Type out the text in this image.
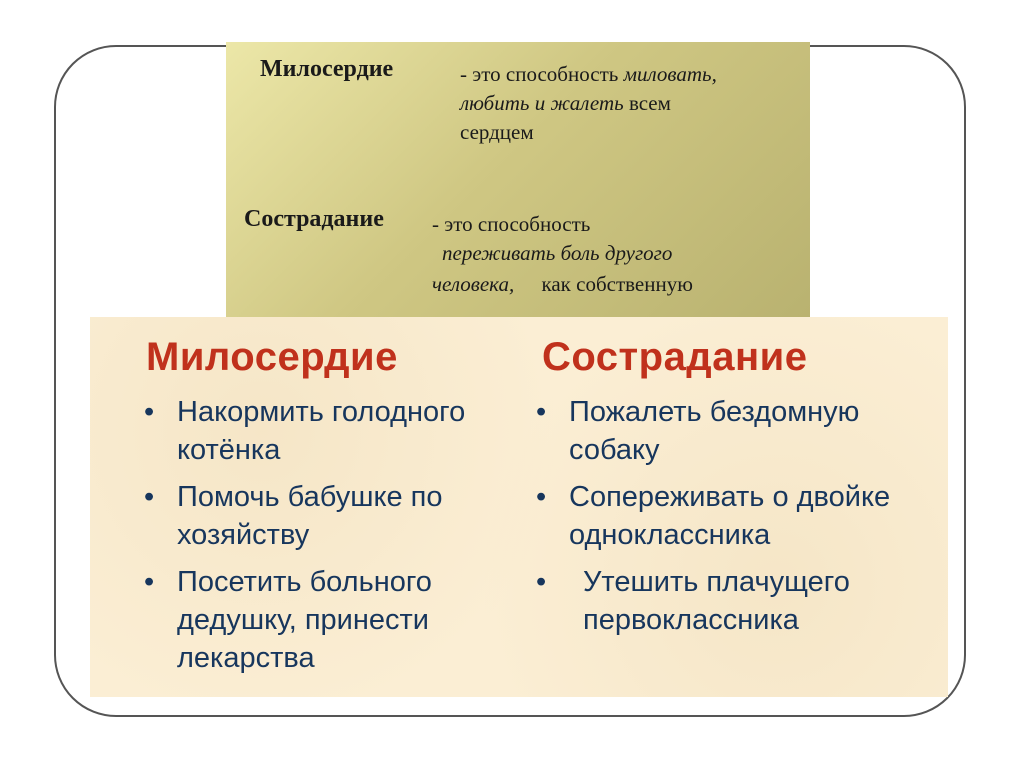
Милосердие	- это способность миловать,
любить и жалеть всем
сердцем
Сострадание - это способность
переживать боль другого
человека, как собственную
Милосердие
• Накормить голодного котёнка
• Помочь бабушке по хозяйству
• Посетить больного дедушку, принести лекарства
Сострадание
• Пожалеть бездомную собаку
• Сопереживать о двойке одноклассника
• Утешить плачущего первоклассника
